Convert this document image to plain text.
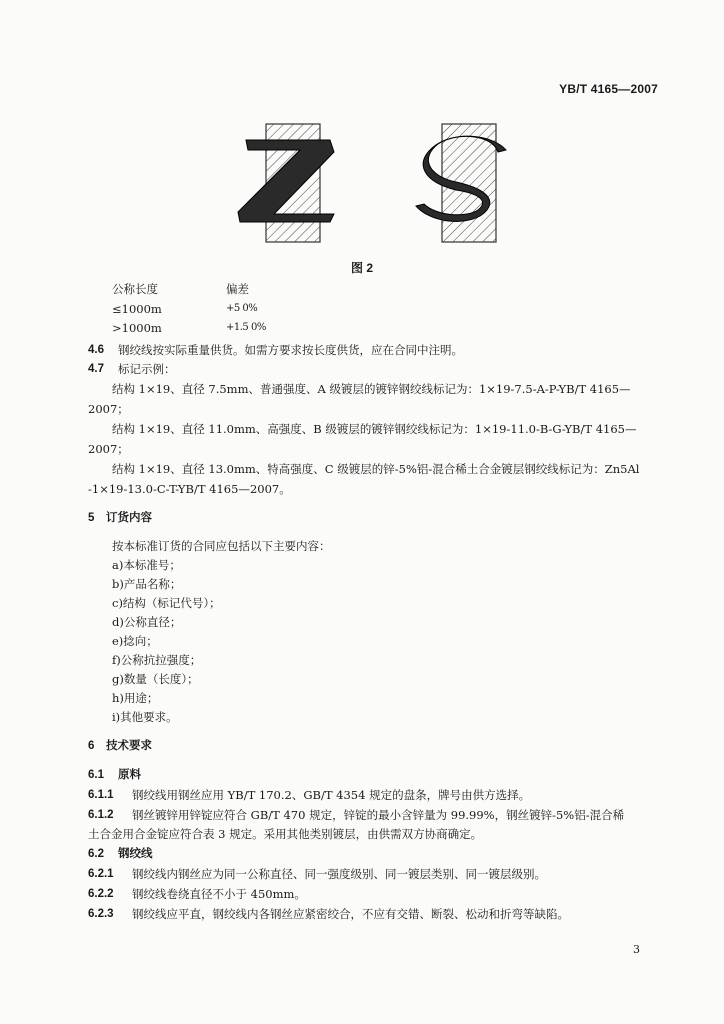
YB/T 4165—2007
图 2
公称长度	偏差
≤1000m	+5 0%
>1000m	+1.5 0%
4.6 钢绞线按实际重量供货。如需方要求按长度供货，应在合同中注明。
4.7 标记示例：
结构 1×19、直径 7.5mm、普通强度、A 级镀层的镀锌钢绞线标记为：1×19-7.5-A-P-YB/T 4165—
2007；
结构 1×19、直径 11.0mm、高强度、B 级镀层的镀锌钢绞线标记为：1×19-11.0-B-G-YB/T 4165—
2007；
结构 1×19、直径 13.0mm、特高强度、C 级镀层的锌-5%铝-混合稀土合金镀层钢绞线标记为：Zn5Al
-1×19-13.0-C-T-YB/T 4165—2007。
5 订货内容
按本标准订货的合同应包括以下主要内容：
a)本标准号；
b)产品名称；
c)结构（标记代号）；
d)公称直径；
e)捻向；
f)公称抗拉强度；
g)数量（长度）；
h)用途；
i)其他要求。
6 技术要求
6.1 原料
6.1.1 钢绞线用钢丝应用 YB/T 170.2、GB/T 4354 规定的盘条，牌号由供方选择。
6.1.2 钢丝镀锌用锌锭应符合 GB/T 470 规定，锌锭的最小含锌量为 99.99%，钢丝镀锌-5%铝-混合稀
土合金用合金锭应符合表 3 规定。采用其他类别镀层，由供需双方协商确定。
6.2 钢绞线
6.2.1 钢绞线内钢丝应为同一公称直径、同一强度级别、同一镀层类别、同一镀层级别。
6.2.2 钢绞线卷绕直径不小于 450mm。
6.2.3 钢绞线应平直，钢绞线内各钢丝应紧密绞合，不应有交错、断裂、松动和折弯等缺陷。
3
